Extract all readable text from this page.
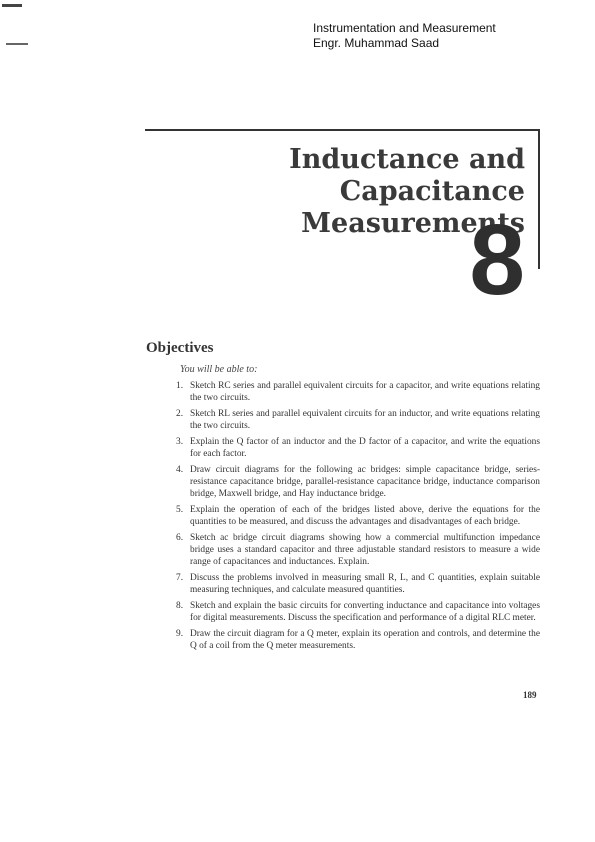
Instrumentation and Measurement
Engr. Muhammad Saad
Inductance and Capacitance
Measurements
8
Objectives
You will be able to:
1. Sketch RC series and parallel equivalent circuits for a capacitor, and write equations relating the two circuits.
2. Sketch RL series and parallel equivalent circuits for an inductor, and write equations relating the two circuits.
3. Explain the Q factor of an inductor and the D factor of a capacitor, and write the equations for each factor.
4. Draw circuit diagrams for the following ac bridges: simple capacitance bridge, series-resistance capacitance bridge, parallel-resistance capacitance bridge, inductance comparison bridge, Maxwell bridge, and Hay inductance bridge.
5. Explain the operation of each of the bridges listed above, derive the equations for the quantities to be measured, and discuss the advantages and disadvantages of each bridge.
6. Sketch ac bridge circuit diagrams showing how a commercial multifunction impedance bridge uses a standard capacitor and three adjustable standard resistors to measure a wide range of capacitances and inductances. Explain.
7. Discuss the problems involved in measuring small R, L, and C quantities, explain suitable measuring techniques, and calculate measured quantities.
8. Sketch and explain the basic circuits for converting inductance and capacitance into voltages for digital measurements. Discuss the specification and performance of a digital RLC meter.
9. Draw the circuit diagram for a Q meter, explain its operation and controls, and determine the Q of a coil from the Q meter measurements.
189
